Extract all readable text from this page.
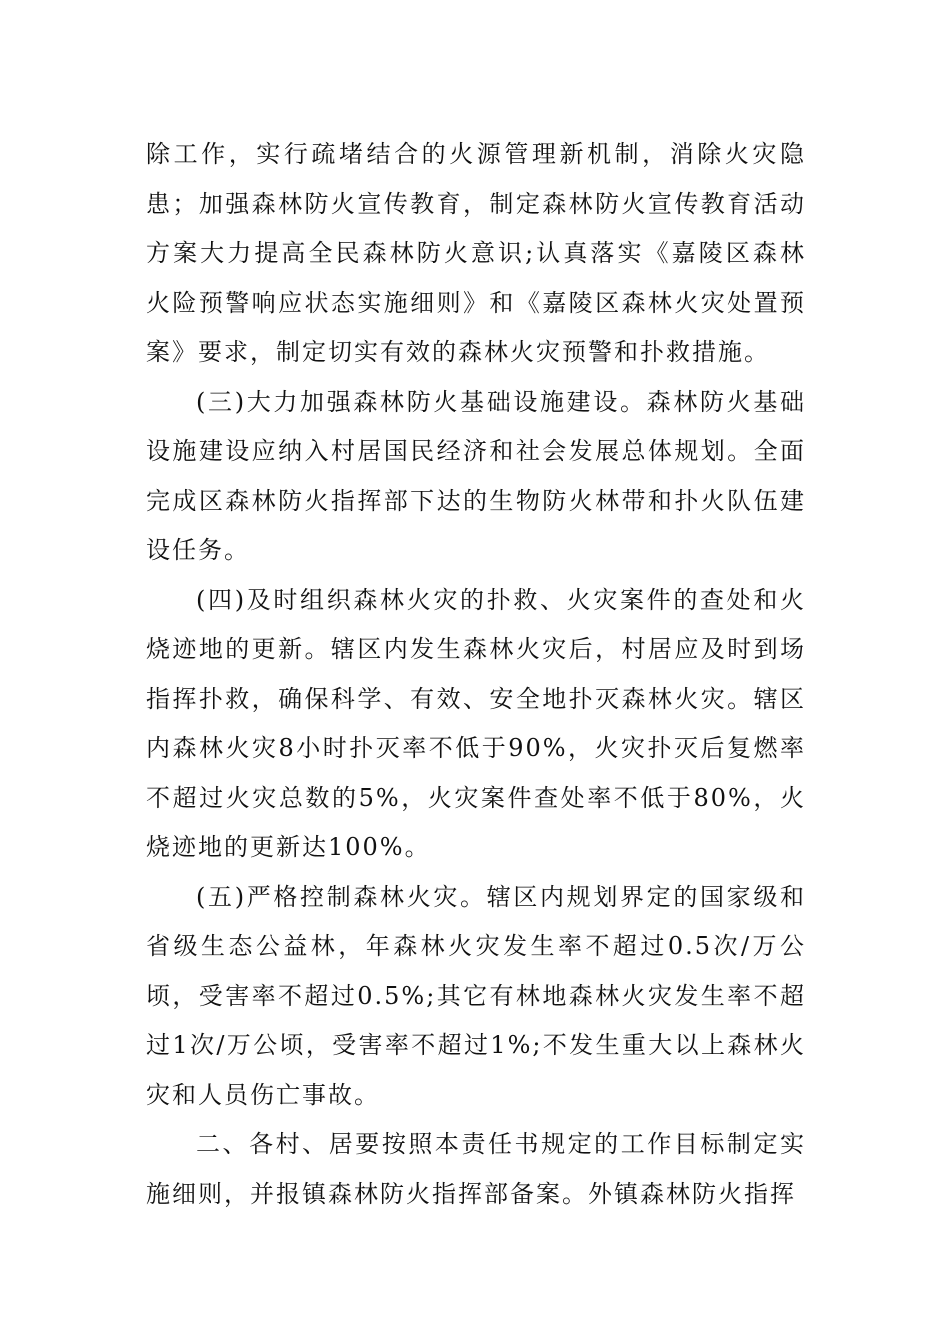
除工作，实行疏堵结合的火源管理新机制，消除火灾隐患；加强森林防火宣传教育，制定森林防火宣传教育活动方案大力提高全民森林防火意识;认真落实《嘉陵区森林火险预警响应状态实施细则》和《嘉陵区森林火灾处置预案》要求，制定切实有效的森林火灾预警和扑救措施。

(三)大力加强森林防火基础设施建设。森林防火基础设施建设应纳入村居国民经济和社会发展总体规划。全面完成区森林防火指挥部下达的生物防火林带和扑火队伍建设任务。

(四)及时组织森林火灾的扑救、火灾案件的查处和火烧迹地的更新。辖区内发生森林火灾后，村居应及时到场指挥扑救，确保科学、有效、安全地扑灭森林火灾。辖区内森林火灾8小时扑灭率不低于90%，火灾扑灭后复燃率不超过火灾总数的5%，火灾案件查处率不低于80%，火烧迹地的更新达100%。

(五)严格控制森林火灾。辖区内规划界定的国家级和省级生态公益林，年森林火灾发生率不超过0.5次/万公顷，受害率不超过0.5%;其它有林地森林火灾发生率不超过1次/万公顷，受害率不超过1%;不发生重大以上森林火灾和人员伤亡事故。

二、各村、居要按照本责任书规定的工作目标制定实施细则，并报镇森林防火指挥部备案。外镇森林防火指挥
